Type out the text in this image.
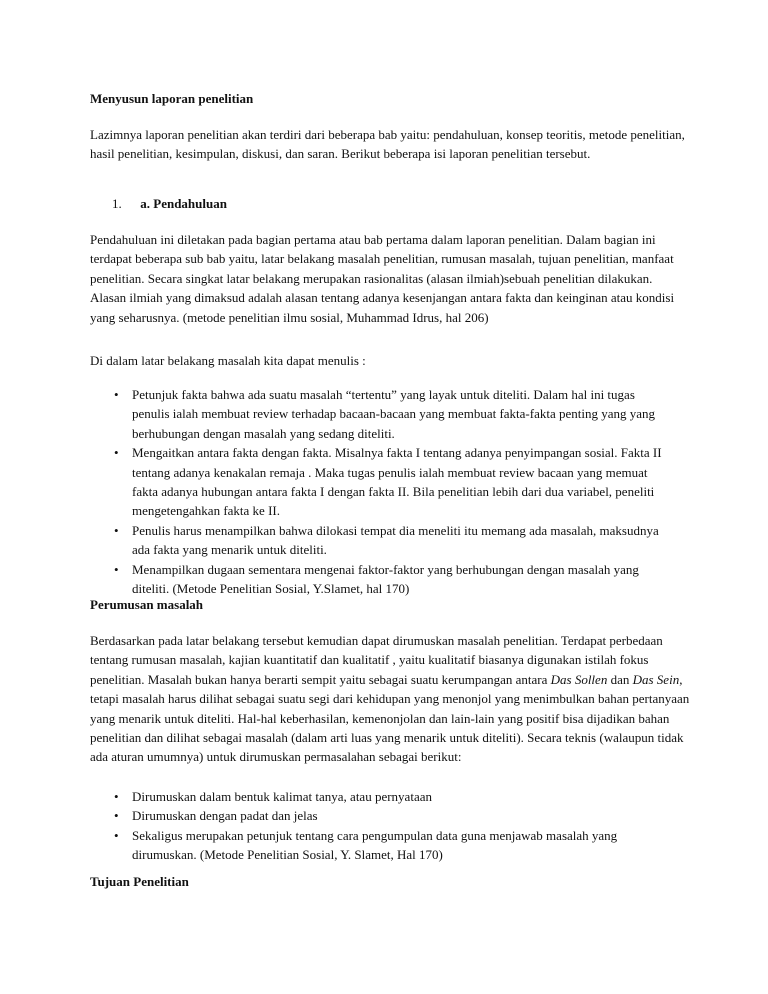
Menyusun laporan penelitian

Lazimnya laporan penelitian akan terdiri dari beberapa bab yaitu: pendahuluan, konsep teoritis, metode penelitian, hasil penelitian, kesimpulan, diskusi, dan saran. Berikut beberapa isi laporan penelitian tersebut.

1. a. Pendahuluan

Pendahuluan ini diletakan pada bagian pertama atau bab pertama dalam laporan penelitian. Dalam bagian ini terdapat beberapa sub bab yaitu, latar belakang masalah penelitian, rumusan masalah, tujuan penelitian, manfaat penelitian. Secara singkat latar belakang merupakan rasionalitas (alasan ilmiah)sebuah penelitian dilakukan. Alasan ilmiah yang dimaksud adalah alasan tentang adanya kesenjangan antara fakta dan keinginan atau kondisi yang seharusnya. (metode penelitian ilmu sosial, Muhammad Idrus, hal 206)

Di dalam latar belakang masalah kita dapat menulis :

• Petunjuk fakta bahwa ada suatu masalah “tertentu” yang layak untuk diteliti. Dalam hal ini tugas penulis ialah membuat review terhadap bacaan-bacaan yang membuat fakta-fakta penting yang yang berhubungan dengan masalah yang sedang diteliti.
• Mengaitkan antara fakta dengan fakta. Misalnya fakta I tentang adanya penyimpangan sosial. Fakta II tentang adanya kenakalan remaja . Maka tugas penulis ialah membuat review bacaan yang memuat fakta adanya hubungan antara fakta I dengan fakta II. Bila penelitian lebih dari dua variabel, peneliti mengetengahkan fakta ke II.
• Penulis harus menampilkan bahwa dilokasi tempat dia meneliti itu memang ada masalah, maksudnya ada fakta yang menarik untuk diteliti.
• Menampilkan dugaan sementara mengenai faktor-faktor yang berhubungan dengan masalah yang diteliti. (Metode Penelitian Sosial, Y.Slamet, hal 170)
Perumusan masalah

Berdasarkan pada latar belakang tersebut kemudian dapat dirumuskan masalah penelitian. Terdapat perbedaan tentang rumusan masalah, kajian kuantitatif dan kualitatif , yaitu kualitatif biasanya digunakan istilah fokus penelitian. Masalah bukan hanya berarti sempit yaitu sebagai suatu kerumpangan antara Das Sollen dan Das Sein, tetapi masalah harus dilihat sebagai suatu segi dari kehidupan yang menonjol yang menimbulkan bahan pertanyaan yang menarik untuk diteliti. Hal-hal keberhasilan, kemenonjolan dan lain-lain yang positif bisa dijadikan bahan penelitian dan dilihat sebagai masalah (dalam arti luas yang menarik untuk diteliti). Secara teknis (walaupun tidak ada aturan umumnya) untuk dirumuskan permasalahan sebagai berikut:

• Dirumuskan dalam bentuk kalimat tanya, atau pernyataan
• Dirumuskan dengan padat dan jelas
• Sekaligus merupakan petunjuk tentang cara pengumpulan data guna menjawab masalah yang dirumuskan. (Metode Penelitian Sosial, Y. Slamet, Hal 170)
Tujuan Penelitian
